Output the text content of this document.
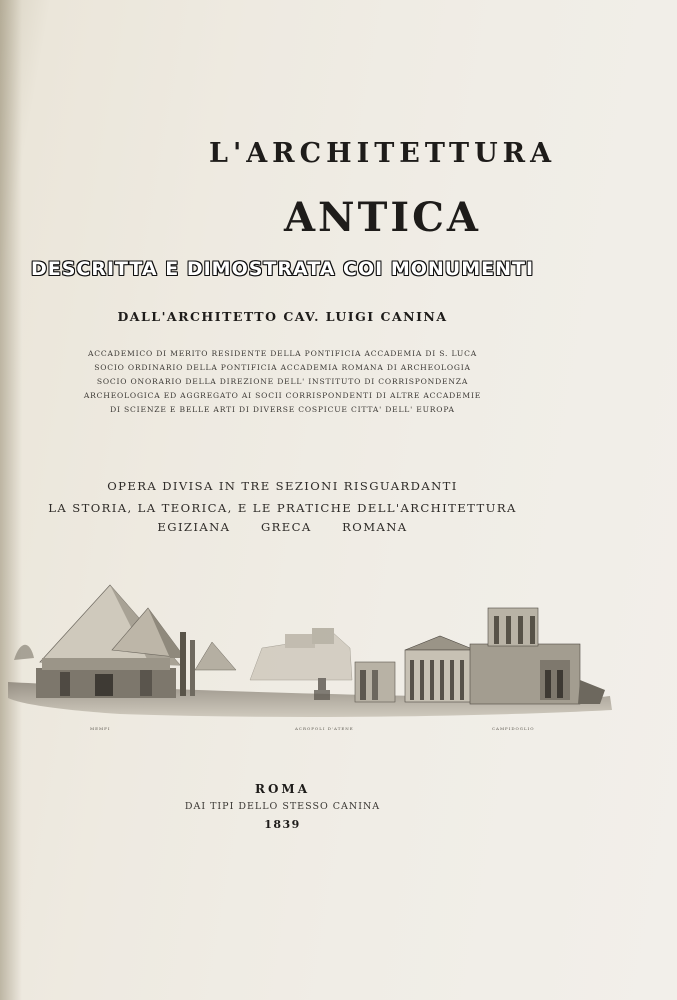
L'ARCHITETTURA
ANTICA
DESCRITTA E DIMOSTRATA COI MONUMENTI
DALL'ARCHITETTO CAV. LUIGI CANINA
ACCADEMICO DI MERITO RESIDENTE DELLA PONTIFICIA ACCADEMIA DI S. LUCA
SOCIO ORDINARIO DELLA PONTIFICIA ACCADEMIA ROMANA DI ARCHEOLOGIA
SOCIO ONORARIO DELLA DIREZIONE DELL' INSTITUTO DI CORRISPONDENZA
ARCHEOLOGICA ED AGGREGATO AI SOCII CORRISPONDENTI DI ALTRE ACCADEMIE
DI SCIENZE E BELLE ARTI DI DIVERSE COSPICUE CITTA' DELL' EUROPA
OPERA DIVISA IN TRE SEZIONI RISGUARDANTI
LA STORIA, LA TEORICA, E LE PRATICHE DELL'ARCHITETTURA
EGIZIANA      GRECA      ROMANA
MEMFI	ACROPOLI D'ATENE	CAMPIDOGLIO
ROMA
DAI TIPI DELLO STESSO CANINA
1839
